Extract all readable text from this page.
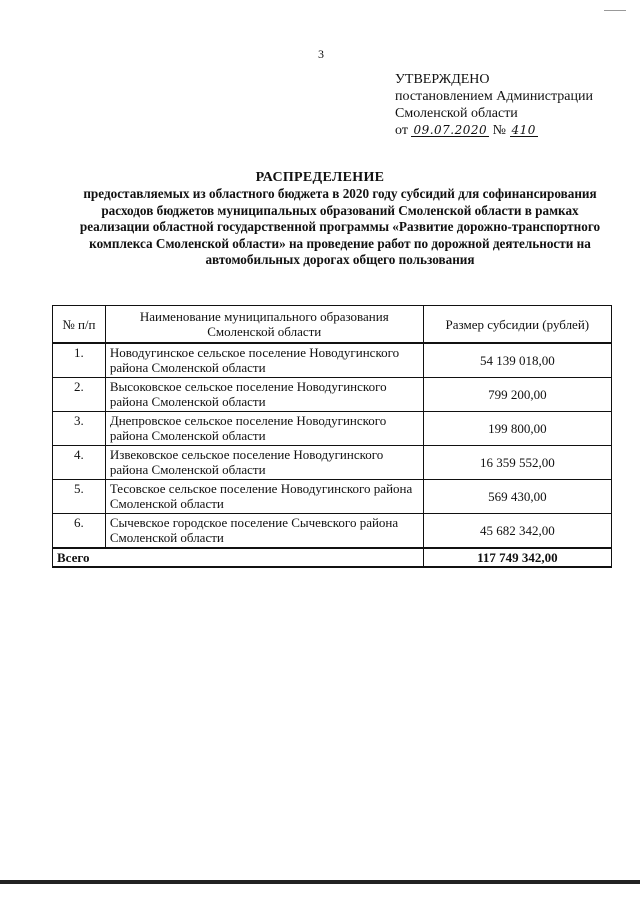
3
УТВЕРЖДЕНО
постановлением Администрации
Смоленской области
от 09.07.2020 № 410
РАСПРЕДЕЛЕНИЕ
предоставляемых из областного бюджета в 2020 году субсидий для софинансирования расходов бюджетов муниципальных образований Смоленской области в рамках реализации областной государственной программы «Развитие дорожно-транспортного комплекса Смоленской области» на проведение работ по дорожной деятельности на автомобильных дорогах общего пользования
№ п/п	Наименование муниципального образования Смоленской области	Размер субсидии (рублей)
1.	Новодугинское сельское поселение Новодугинского района Смоленской области	54 139 018,00
2.	Высоковское сельское поселение Новодугинского района Смоленской области	799 200,00
3.	Днепровское сельское поселение Новодугинского района Смоленской области	199 800,00
4.	Извековское сельское поселение Новодугинского района Смоленской области	16 359 552,00
5.	Тесовское сельское поселение Новодугинского района Смоленской области	569 430,00
6.	Сычевское городское поселение Сычевского района Смоленской области	45 682 342,00
Всего		117 749 342,00
